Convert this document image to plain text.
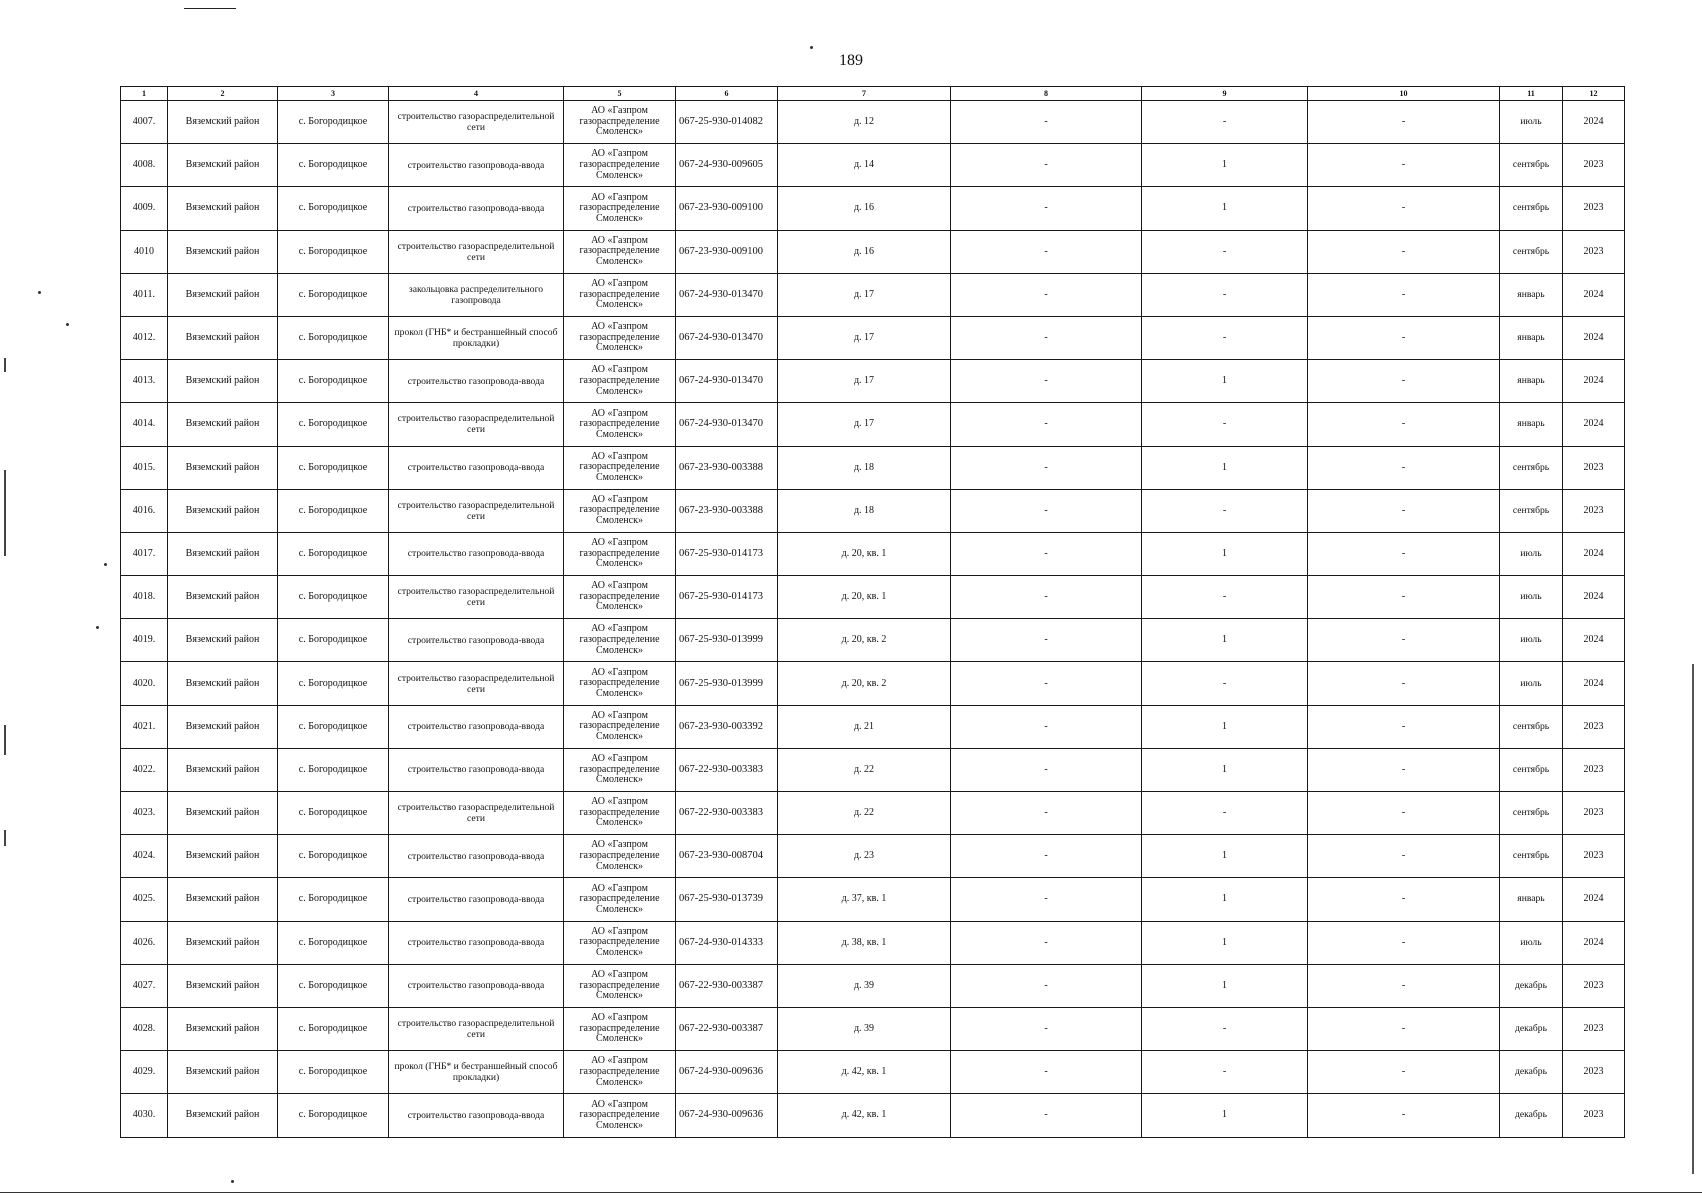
189
1	2	3	4	5	6	7	8	9	10	11	12
4007.	Вяземский район	с. Богородицкое	строительство газораспределительной сети	АО «Газпром газораспределение Смоленск»	067-25-930-014082	д. 12	-	-	-	июль	2024
4008.	Вяземский район	с. Богородицкое	строительство газопровода-ввода	АО «Газпром газораспределение Смоленск»	067-24-930-009605	д. 14	-	1	-	сентябрь	2023
4009.	Вяземский район	с. Богородицкое	строительство газопровода-ввода	АО «Газпром газораспределение Смоленск»	067-23-930-009100	д. 16	-	1	-	сентябрь	2023
4010	Вяземский район	с. Богородицкое	строительство газораспределительной сети	АО «Газпром газораспределение Смоленск»	067-23-930-009100	д. 16	-	-	-	сентябрь	2023
4011.	Вяземский район	с. Богородицкое	закольцовка распределительного газопровода	АО «Газпром газораспределение Смоленск»	067-24-930-013470	д. 17	-	-	-	январь	2024
4012.	Вяземский район	с. Богородицкое	прокол (ГНБ* и бестраншейный способ прокладки)	АО «Газпром газораспределение Смоленск»	067-24-930-013470	д. 17	-	-	-	январь	2024
4013.	Вяземский район	с. Богородицкое	строительство газопровода-ввода	АО «Газпром газораспределение Смоленск»	067-24-930-013470	д. 17	-	1	-	январь	2024
4014.	Вяземский район	с. Богородицкое	строительство газораспределительной сети	АО «Газпром газораспределение Смоленск»	067-24-930-013470	д. 17	-	-	-	январь	2024
4015.	Вяземский район	с. Богородицкое	строительство газопровода-ввода	АО «Газпром газораспределение Смоленск»	067-23-930-003388	д. 18	-	1	-	сентябрь	2023
4016.	Вяземский район	с. Богородицкое	строительство газораспределительной сети	АО «Газпром газораспределение Смоленск»	067-23-930-003388	д. 18	-	-	-	сентябрь	2023
4017.	Вяземский район	с. Богородицкое	строительство газопровода-ввода	АО «Газпром газораспределение Смоленск»	067-25-930-014173	д. 20, кв. 1	-	1	-	июль	2024
4018.	Вяземский район	с. Богородицкое	строительство газораспределительной сети	АО «Газпром газораспределение Смоленск»	067-25-930-014173	д. 20, кв. 1	-	-	-	июль	2024
4019.	Вяземский район	с. Богородицкое	строительство газопровода-ввода	АО «Газпром газораспределение Смоленск»	067-25-930-013999	д. 20, кв. 2	-	1	-	июль	2024
4020.	Вяземский район	с. Богородицкое	строительство газораспределительной сети	АО «Газпром газораспределение Смоленск»	067-25-930-013999	д. 20, кв. 2	-	-	-	июль	2024
4021.	Вяземский район	с. Богородицкое	строительство газопровода-ввода	АО «Газпром газораспределение Смоленск»	067-23-930-003392	д. 21	-	1	-	сентябрь	2023
4022.	Вяземский район	с. Богородицкое	строительство газопровода-ввода	АО «Газпром газораспределение Смоленск»	067-22-930-003383	д. 22	-	1	-	сентябрь	2023
4023.	Вяземский район	с. Богородицкое	строительство газораспределительной сети	АО «Газпром газораспределение Смоленск»	067-22-930-003383	д. 22	-	-	-	сентябрь	2023
4024.	Вяземский район	с. Богородицкое	строительство газопровода-ввода	АО «Газпром газораспределение Смоленск»	067-23-930-008704	д. 23	-	1	-	сентябрь	2023
4025.	Вяземский район	с. Богородицкое	строительство газопровода-ввода	АО «Газпром газораспределение Смоленск»	067-25-930-013739	д. 37, кв. 1	-	1	-	январь	2024
4026.	Вяземский район	с. Богородицкое	строительство газопровода-ввода	АО «Газпром газораспределение Смоленск»	067-24-930-014333	д. 38, кв. 1	-	1	-	июль	2024
4027.	Вяземский район	с. Богородицкое	строительство газопровода-ввода	АО «Газпром газораспределение Смоленск»	067-22-930-003387	д. 39	-	1	-	декабрь	2023
4028.	Вяземский район	с. Богородицкое	строительство газораспределительной сети	АО «Газпром газораспределение Смоленск»	067-22-930-003387	д. 39	-	-	-	декабрь	2023
4029.	Вяземский район	с. Богородицкое	прокол (ГНБ* и бестраншейный способ прокладки)	АО «Газпром газораспределение Смоленск»	067-24-930-009636	д. 42, кв. 1	-	-	-	декабрь	2023
4030.	Вяземский район	с. Богородицкое	строительство газопровода-ввода	АО «Газпром газораспределение Смоленск»	067-24-930-009636	д. 42, кв. 1	-	1	-	декабрь	2023
